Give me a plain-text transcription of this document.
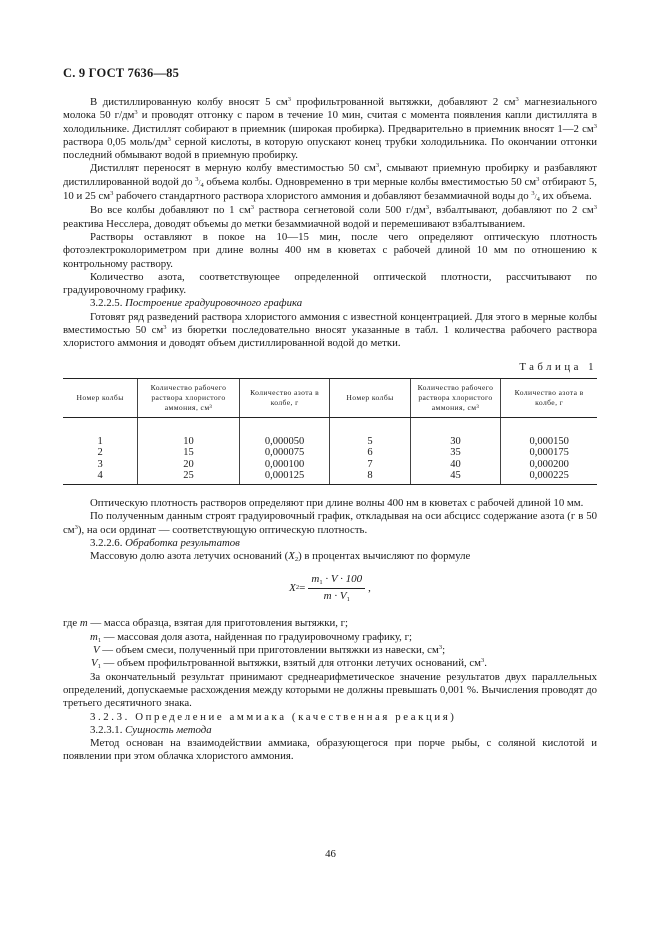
С. 9 ГОСТ 7636—85

В дистиллированную колбу вносят 5 $см^3$ профильтрованной вытяжки, добавляют 2 $см^3$ магнезиального молока 50 $г/дм^3$ и проводят отгонку с паром в течение 10 мин, считая с момента появления капли дистиллята в холодильнике. Дистиллят собирают в приемник (широкая пробирка). Предварительно в приемник вносят 1—2 $см^3$ раствора 0,05 моль/$дм^3$ серной кислоты, в которую опускают конец трубки холодильника. По окончании отгонки последний обмывают водой в приемную пробирку.

Дистиллят переносят в мерную колбу вместимостью 50 $см^3$, смывают приемную пробирку и разбавляют дистиллированной водой до $^3/_4$ объема колбы. Одновременно в три мерные колбы вместимостью 50 $см^3$ отбирают 5, 10 и 25 $см^3$ рабочего стандартного раствора хлористого аммония и добавляют безаммиачной воды до $^3/_4$ их объема.

Во все колбы добавляют по 1 $см^3$ раствора сегнетовой соли 500 $г/дм^3$, взбалтывают, добавляют по 2 $см^3$ реактива Несслера, доводят объемы до метки безаммиачной водой и перемешивают взбалтыванием.

Растворы оставляют в покое на 10—15 мин, после чего определяют оптическую плотность фотоэлектроколориметром при длине волны 400 нм в кюветах с рабочей длиной 10 мм по отношению к контрольному раствору.

Количество азота, соответствующее определенной оптической плотности, рассчитывают по градуировочному графику.

3.2.2.5. Построение градуировочного графика

Готовят ряд разведений раствора хлористого аммония с известной концентрацией. Для этого в мерные колбы вместимостью 50 $см^3$ из бюретки последовательно вносят указанные в табл. 1 количества рабочего раствора хлористого аммония и доводят объем дистиллированной водой до метки.

Таблица 1
Номер колбы	Количество рабочего раствора хлористого аммония, см³	Количество азота в колбе, г	Номер колбы	Количество рабочего раствора хлористого аммония, см³	Количество азота в колбе, г
1	10	0,000050	5	30	0,000150
2	15	0,000075	6	35	0,000175
3	20	0,000100	7	40	0,000200
4	25	0,000125	8	45	0,000225

Оптическую плотность растворов определяют при длине волны 400 нм в кюветах с рабочей длиной 10 мм.

По полученным данным строят градуировочный график, откладывая на оси абсцисс содержание азота (г в 50 $см^3$), на оси ординат — соответствующую оптическую плотность.

3.2.2.6. Обработка результатов

Массовую долю азота летучих оснований $(X_2)$ в процентах вычисляют по формуле

X $2 = \frac{m_1 \cdot V \cdot 100}{m \cdot V_1}$ ,

где m — масса образца, взятая для приготовления вытяжки, г;

$m_1$ — массовая доля азота, найденная по градуировочному графику, г;

V — объем смеси, полученный при приготовлении вытяжки из навески, $см^3$;

$V_1$ — объем профильтрованной вытяжки, взятый для отгонки летучих оснований, $см^3$.

За окончательный результат принимают среднеарифметическое значение результатов двух параллельных определений, допускаемые расхождения между которыми не должны превышать 0,001 %. Вычисления проводят до третьего десятичного знака.

3.2.3. Определение аммиака (качественная реакция)

3.2.3.1. Сущность метода

Метод основан на взаимодействии аммиака, образующегося при порче рыбы, с соляной кислотой и появлении при этом облачка хлористого аммония.

46
